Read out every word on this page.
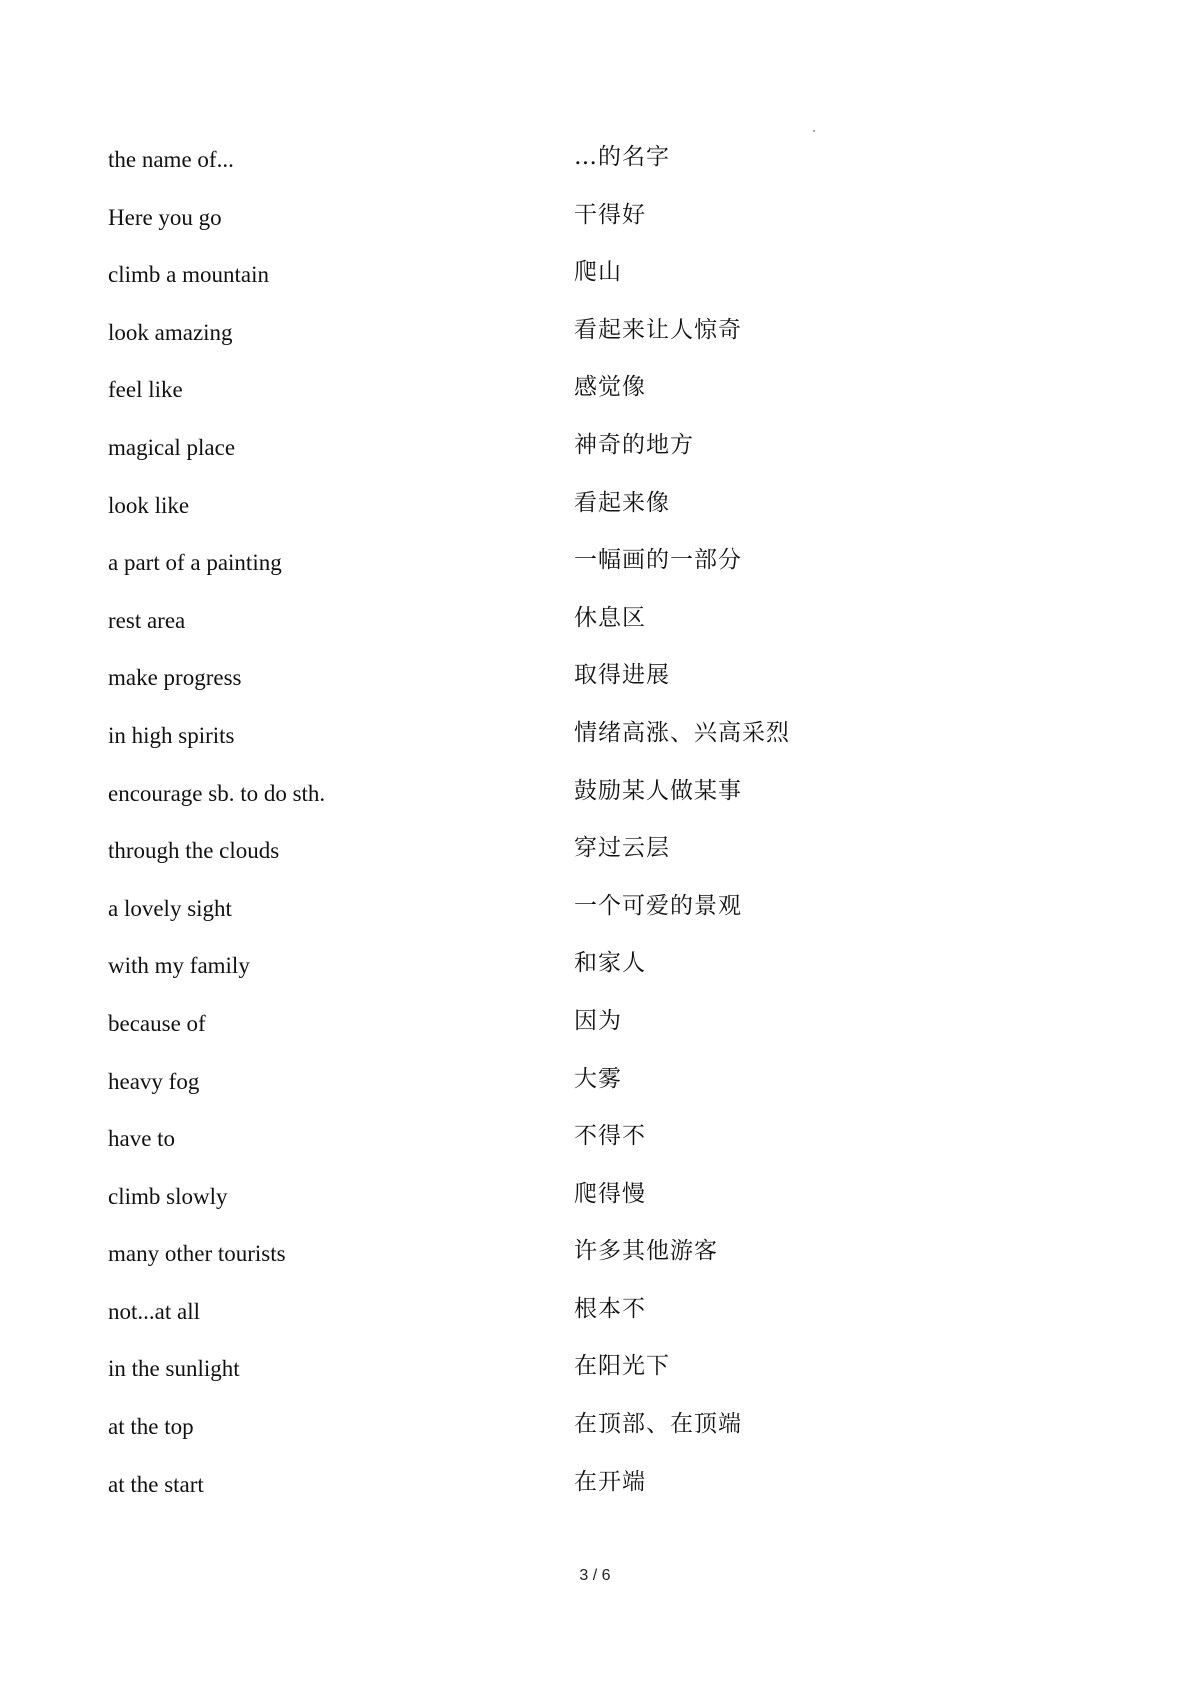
the name of...	…的名字
Here you go	干得好
climb a mountain	爬山
look amazing	看起来让人惊奇
feel like	感觉像
magical place	神奇的地方
look like	看起来像
a part of a painting	一幅画的一部分
rest area	休息区
make progress	取得进展
in high spirits	情绪高涨、兴高采烈
encourage sb. to do sth.	鼓励某人做某事
through the clouds	穿过云层
a lovely sight	一个可爱的景观
with my family	和家人
because of	因为
heavy fog	大雾
have to	不得不
climb slowly	爬得慢
many other tourists	许多其他游客
not...at all	根本不
in the sunlight	在阳光下
at the top	在顶部、在顶端
at the start	在开端
3 / 6
